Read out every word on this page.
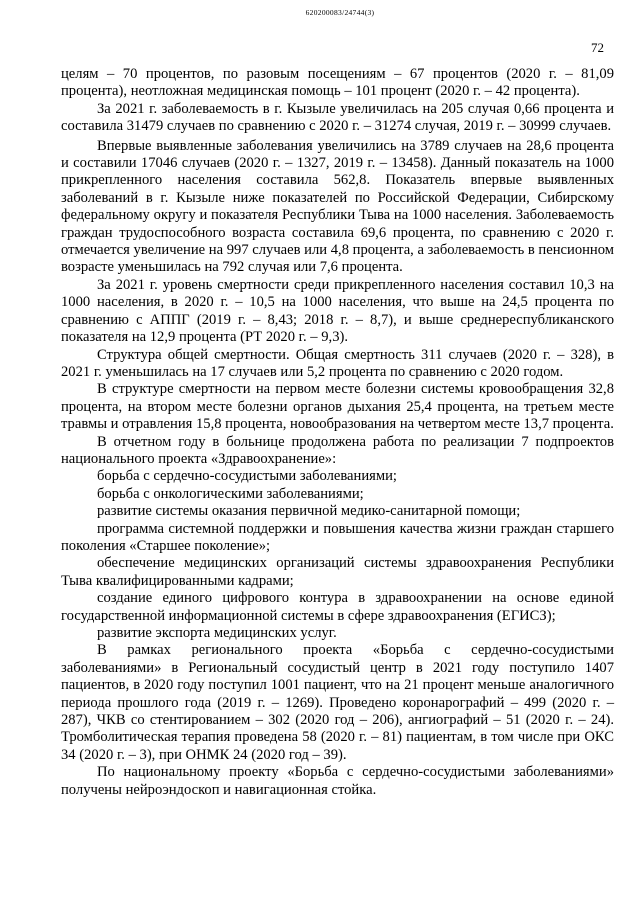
620200083/24744(3)
72

целям – 70 процентов, по разовым посещениям – 67 процентов (2020 г. – 81,09 процента), неотложная медицинская помощь – 101 процент (2020 г. – 42 процента).

За 2021 г. заболеваемость в г. Кызыле увеличилась на 205 случая 0,66 процента и составила 31479 случаев по сравнению с 2020 г. – 31274 случая, 2019 г. – 30999 случаев.

Впервые выявленные заболевания увеличились на 3789 случаев на 28,6 процента и составили 17046 случаев (2020 г. – 1327, 2019 г. – 13458). Данный показатель на 1000 прикрепленного населения составила 562,8. Показатель впервые выявленных заболеваний в г. Кызыле ниже показателей по Российской Федерации, Сибирскому федеральному округу и показателя Республики Тыва на 1000 населения. Заболеваемость граждан трудоспособного возраста составила 69,6 процента, по сравнению с 2020 г. отмечается увеличение на 997 случаев или 4,8 процента, а заболеваемость в пенсионном возрасте уменьшилась на 792 случая или 7,6 процента.

За 2021 г. уровень смертности среди прикрепленного населения составил 10,3 на 1000 населения, в 2020 г. – 10,5 на 1000 населения, что выше на 24,5 процента по сравнению с АППГ (2019 г. – 8,43; 2018 г. – 8,7), и выше среднереспубликанского показателя на 12,9 процента (РТ 2020 г. – 9,3).

Структура общей смертности. Общая смертность 311 случаев (2020 г. – 328), в 2021 г. уменьшилась на 17 случаев или 5,2 процента по сравнению с 2020 годом.

В структуре смертности на первом месте болезни системы кровообращения 32,8 процента, на втором месте болезни органов дыхания 25,4 процента, на третьем месте травмы и отравления 15,8 процента, новообразования на четвертом месте 13,7 процента.

В отчетном году в больнице продолжена работа по реализации 7 подпроектов национального проекта «Здравоохранение»:

борьба с сердечно-сосудистыми заболеваниями;

борьба с онкологическими заболеваниями;

развитие системы оказания первичной медико-санитарной помощи;

программа системной поддержки и повышения качества жизни граждан старшего поколения «Старшее поколение»;

обеспечение медицинских организаций системы здравоохранения Республики Тыва квалифицированными кадрами;

создание единого цифрового контура в здравоохранении на основе единой государственной информационной системы в сфере здравоохранения (ЕГИСЗ);

развитие экспорта медицинских услуг.

В рамках регионального проекта «Борьба с сердечно-сосудистыми заболеваниями» в Региональный сосудистый центр в 2021 году поступило 1407 пациентов, в 2020 году поступил 1001 пациент, что на 21 процент меньше аналогичного периода прошлого года (2019 г. – 1269). Проведено коронарографий – 499 (2020 г. – 287), ЧКВ со стентированием – 302 (2020 год – 206), ангиографий – 51 (2020 г. – 24). Тромболитическая терапия проведена 58 (2020 г. – 81) пациентам, в том числе при ОКС 34 (2020 г. – 3), при ОНМК 24 (2020 год – 39).

По национальному проекту «Борьба с сердечно-сосудистыми заболеваниями» получены нейроэндоскоп и навигационная стойка.
